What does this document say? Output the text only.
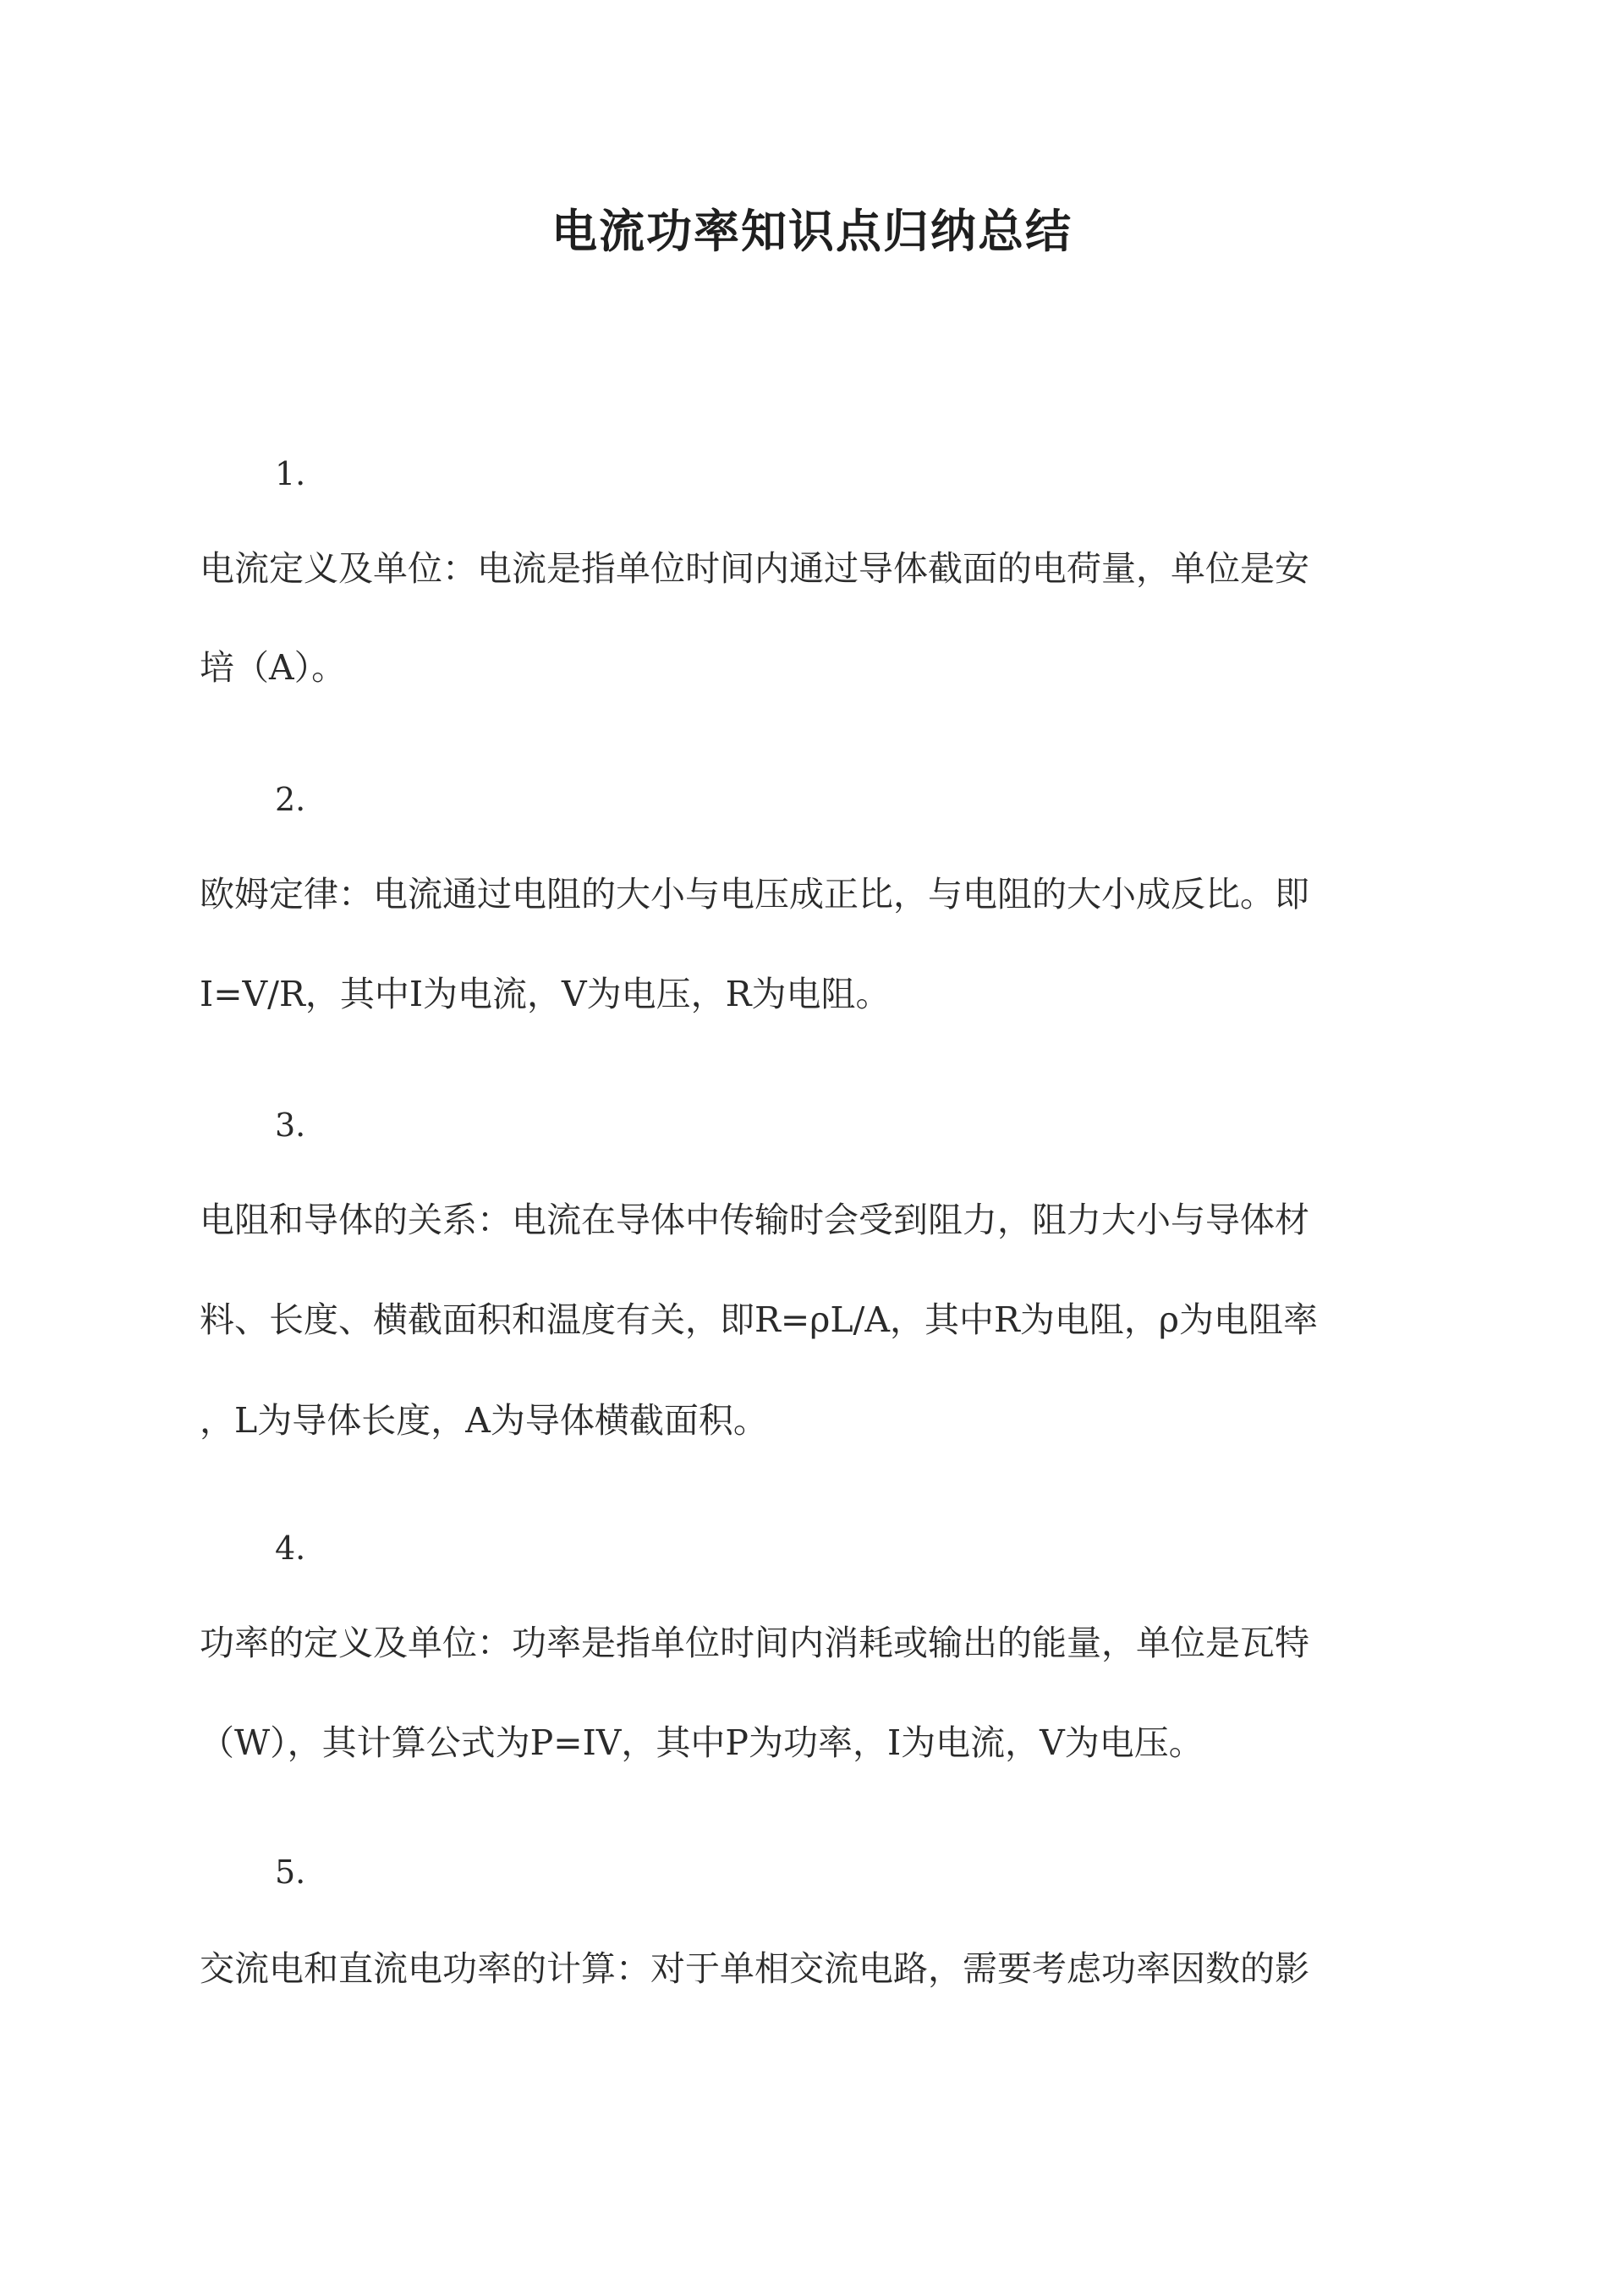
电流功率知识点归纳总结
1.
电流定义及单位：电流是指单位时间内通过导体截面的电荷量，单位是安
培（A）。
2.
欧姆定律：电流通过电阻的大小与电压成正比，与电阻的大小成反比。即
I=V/R，其中I为电流，V为电压，R为电阻。
3.
电阻和导体的关系：电流在导体中传输时会受到阻力，阻力大小与导体材
料、长度、横截面积和温度有关，即R=ρL/A，其中R为电阻，ρ为电阻率
，L为导体长度，A为导体横截面积。
4.
功率的定义及单位：功率是指单位时间内消耗或输出的能量，单位是瓦特
（W），其计算公式为P=IV，其中P为功率，I为电流，V为电压。
5.
交流电和直流电功率的计算：对于单相交流电路，需要考虑功率因数的影
